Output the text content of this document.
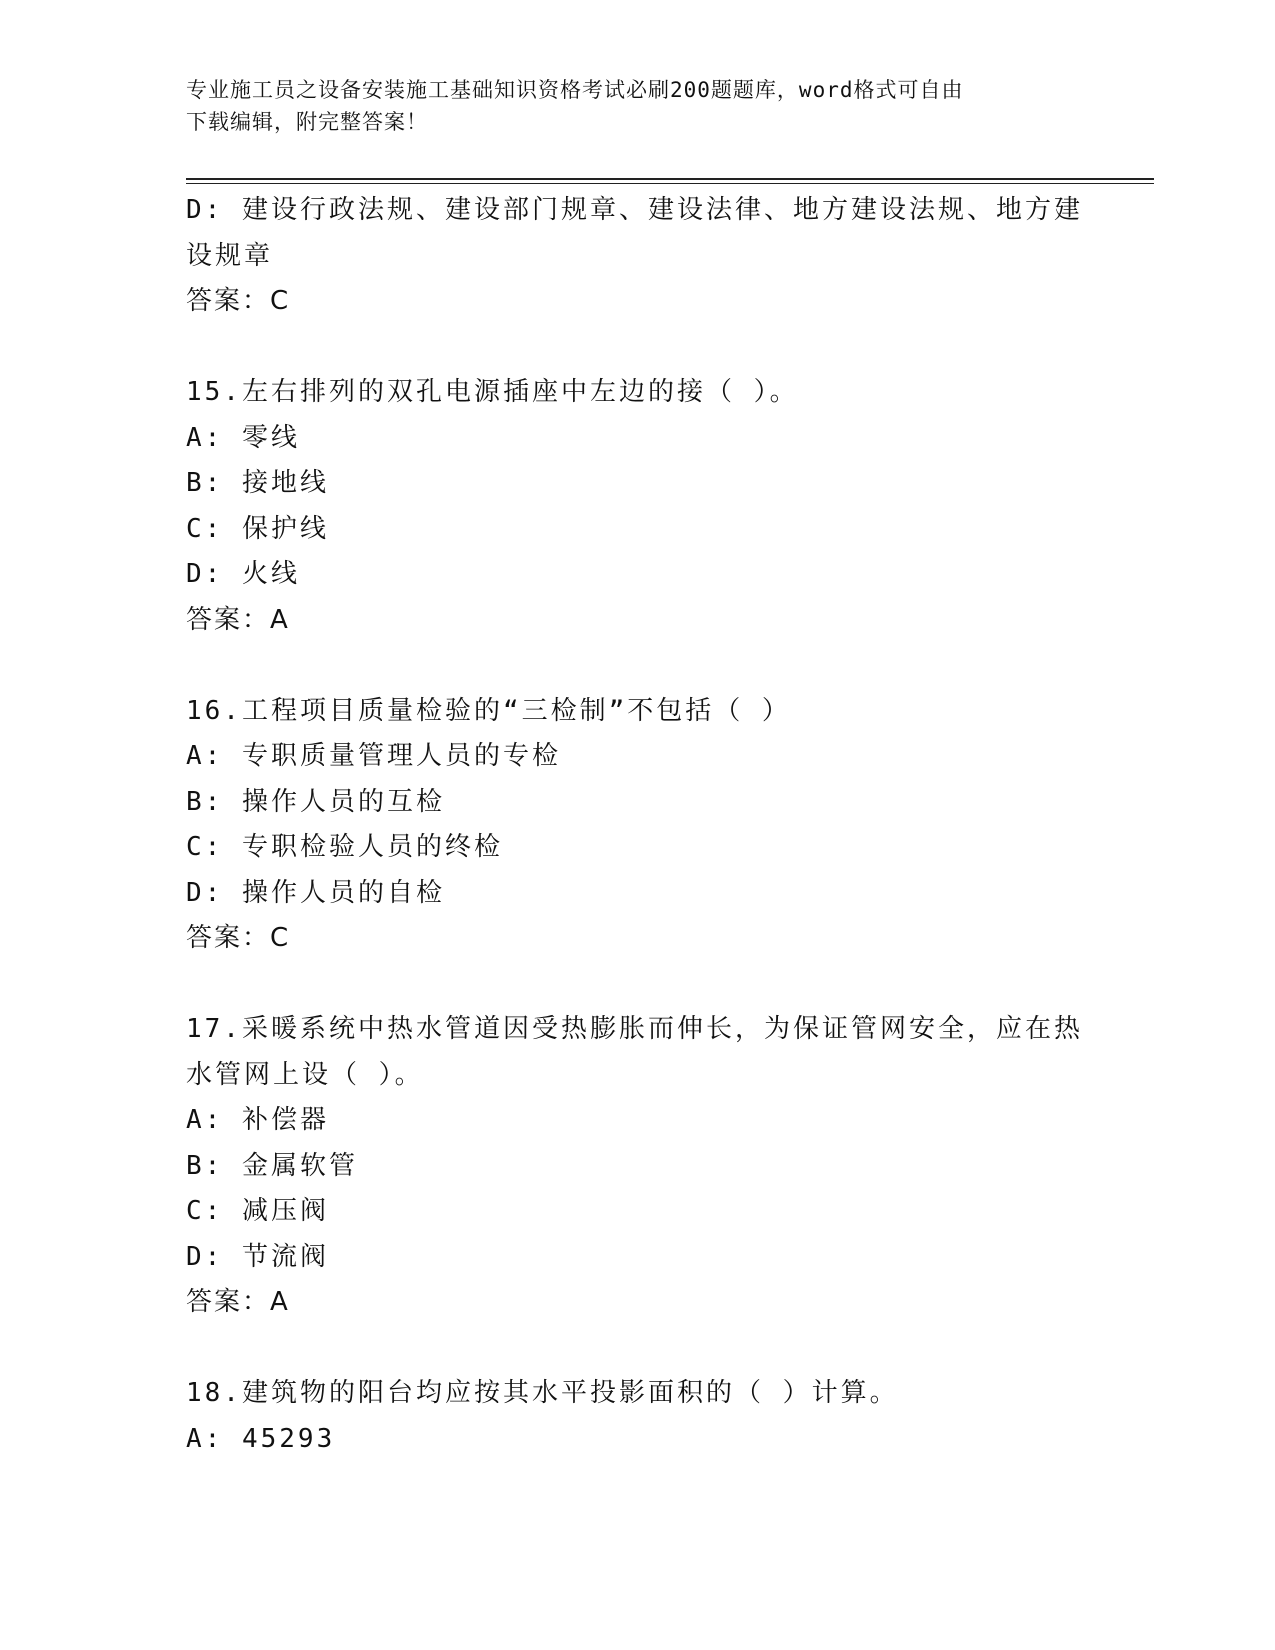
专业施工员之设备安装施工基础知识资格考试必刷200题题库，word格式可自由
下载编辑，附完整答案！
D: 建设行政法规、建设部门规章、建设法律、地方建设法规、地方建
设规章
答案：C
15.左右排列的双孔电源插座中左边的接（ ）。
A: 零线
B: 接地线
C: 保护线
D: 火线
答案：A
16.工程项目质量检验的“三检制”不包括（ ）
A: 专职质量管理人员的专检
B: 操作人员的互检
C: 专职检验人员的终检
D: 操作人员的自检
答案：C
17.采暖系统中热水管道因受热膨胀而伸长，为保证管网安全，应在热
水管网上设（ ）。
A: 补偿器
B: 金属软管
C: 减压阀
D: 节流阀
答案：A
18.建筑物的阳台均应按其水平投影面积的（ ）计算。
A: 45293
